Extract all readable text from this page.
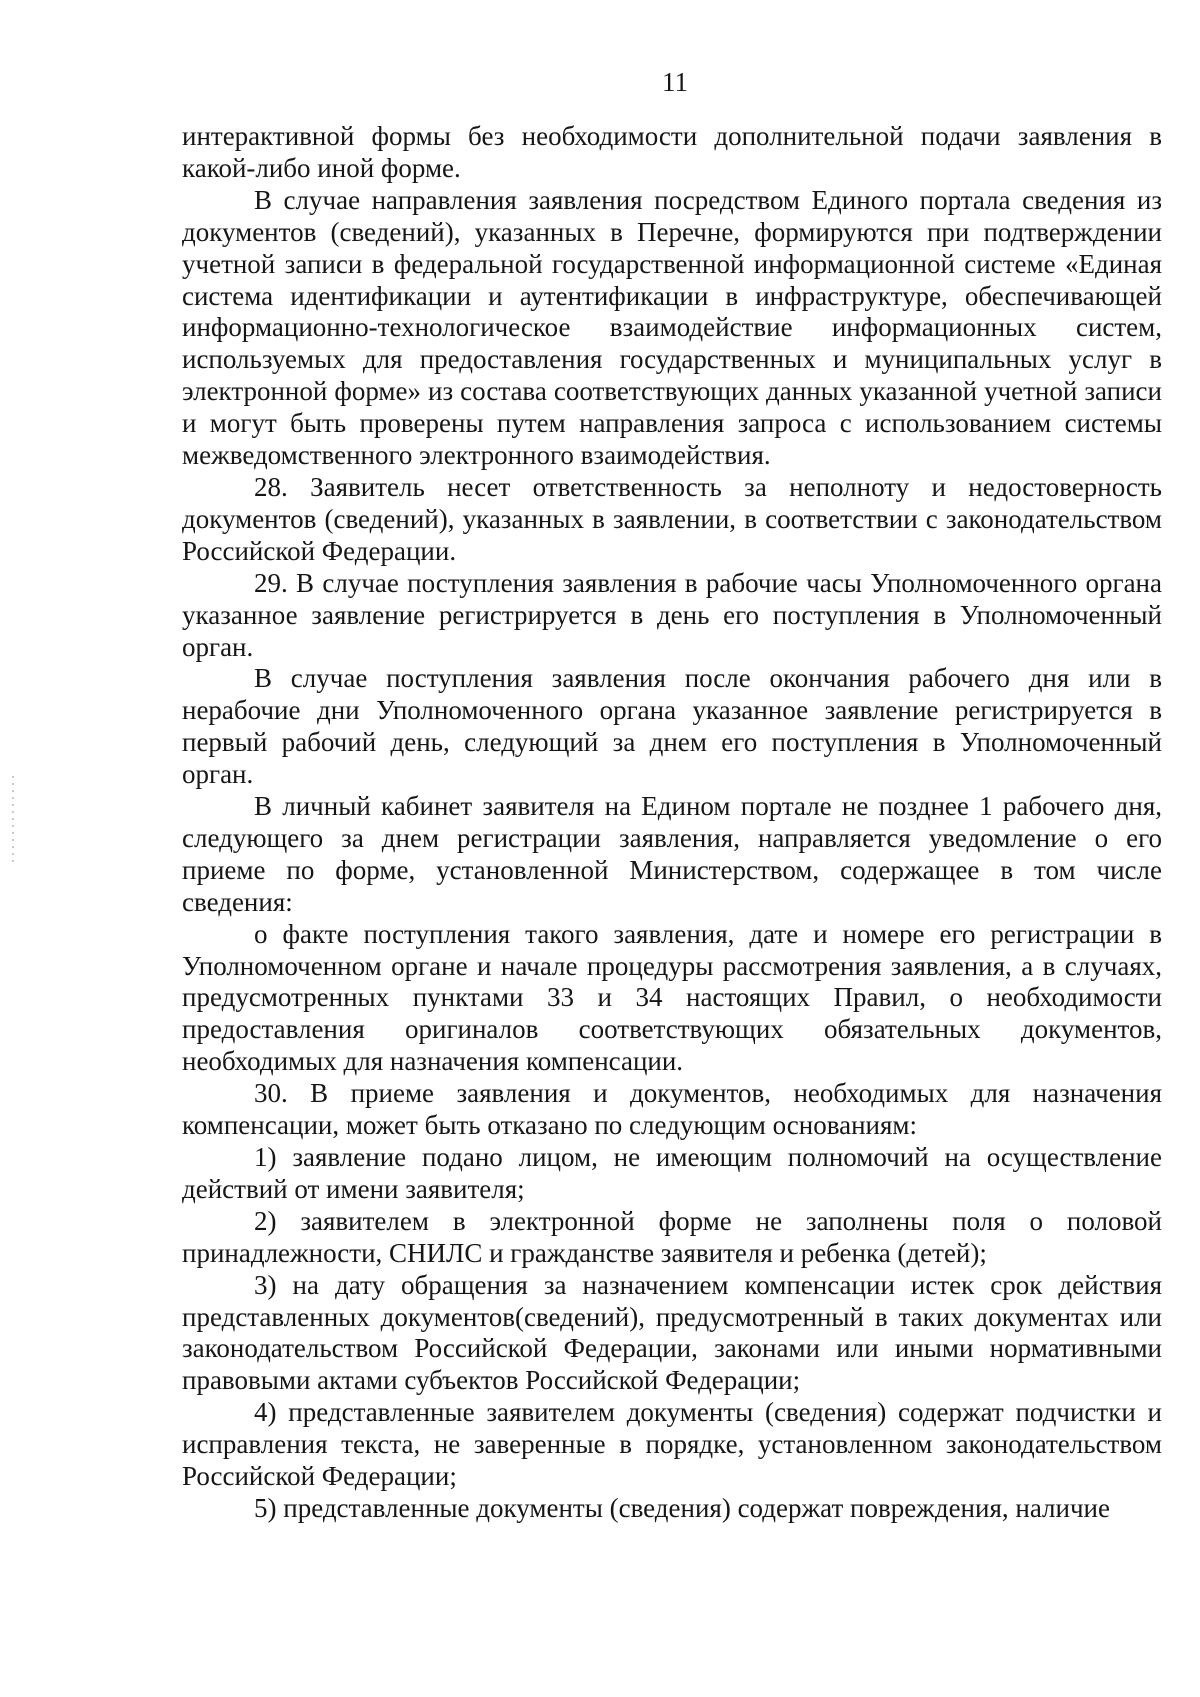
11

интерактивной формы без необходимости дополнительной подачи заявления в какой-либо иной форме.

В случае направления заявления посредством Единого портала сведения из документов (сведений), указанных в Перечне, формируются при подтверждении учетной записи в федеральной государственной информационной системе «Единая система идентификации и аутентификации в инфраструктуре, обеспечивающей информационно-технологическое взаимодействие информационных систем, используемых для предоставления государственных и муниципальных услуг в электронной форме» из состава соответствующих данных указанной учетной записи и могут быть проверены путем направления запроса с использованием системы межведомственного электронного взаимодействия.

28. Заявитель несет ответственность за неполноту и недостоверность документов (сведений), указанных в заявлении, в соответствии с законодательством Российской Федерации.

29. В случае поступления заявления в рабочие часы Уполномоченного органа указанное заявление регистрируется в день его поступления в Уполномоченный орган.

В случае поступления заявления после окончания рабочего дня или в нерабочие дни Уполномоченного органа указанное заявление регистрируется в первый рабочий день, следующий за днем его поступления в Уполномоченный орган.

В личный кабинет заявителя на Едином портале не позднее 1 рабочего дня, следующего за днем регистрации заявления, направляется уведомление о его приеме по форме, установленной Министерством, содержащее в том числе сведения:

о факте поступления такого заявления, дате и номере его регистрации в Уполномоченном органе и начале процедуры рассмотрения заявления, а в случаях, предусмотренных пунктами 33 и 34 настоящих Правил, о необходимости предоставления оригиналов соответствующих обязательных документов, необходимых для назначения компенсации.

30. В приеме заявления и документов, необходимых для назначения компенсации, может быть отказано по следующим основаниям:

1) заявление подано лицом, не имеющим полномочий на осуществление действий от имени заявителя;

2) заявителем в электронной форме не заполнены поля о половой принадлежности, СНИЛС и гражданстве заявителя и ребенка (детей);

3) на дату обращения за назначением компенсации истек срок действия представленных документов(сведений), предусмотренный в таких документах или законодательством Российской Федерации, законами или иными нормативными правовыми актами субъектов Российской Федерации;

4) представленные заявителем документы (сведения) содержат подчистки и исправления текста, не заверенные в порядке, установленном законодательством Российской Федерации;

5) представленные документы (сведения) содержат повреждения, наличие
